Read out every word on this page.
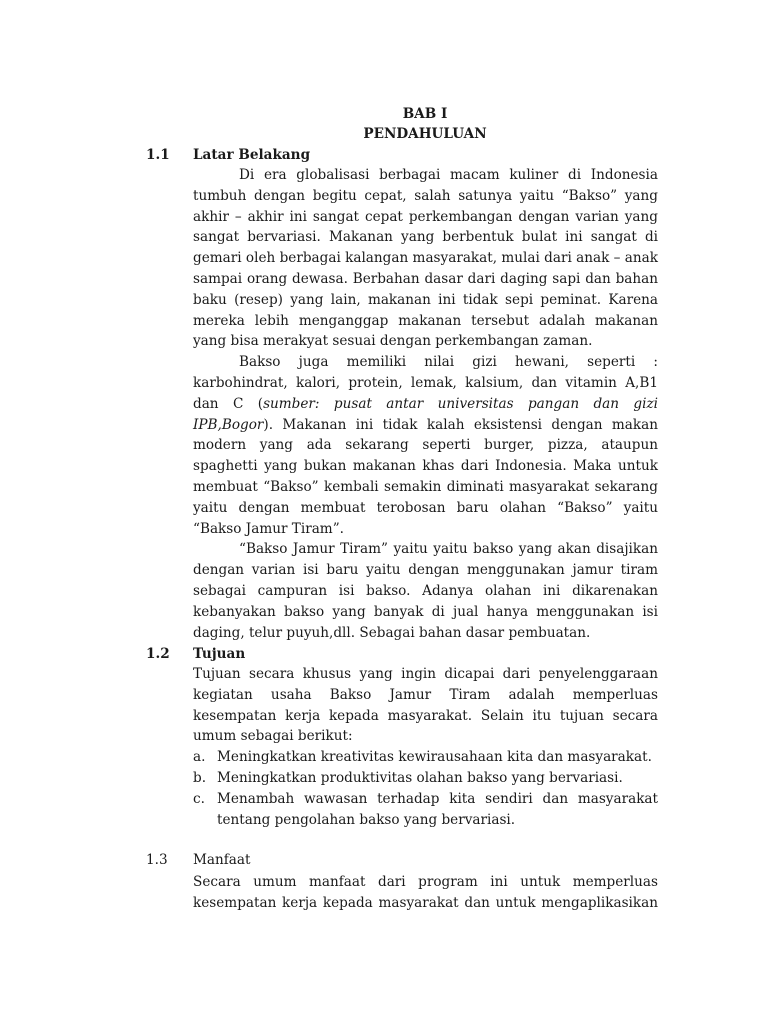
BAB I
PENDAHULUAN
1.1 Latar Belakang

Di era globalisasi berbagai macam kuliner di Indonesia tumbuh dengan begitu cepat, salah satunya yaitu “Bakso” yang akhir – akhir ini sangat cepat perkembangan dengan varian yang sangat bervariasi. Makanan yang berbentuk bulat ini sangat di gemari oleh berbagai kalangan masyarakat, mulai dari anak – anak sampai orang dewasa. Berbahan dasar dari daging sapi dan bahan baku (resep) yang lain, makanan ini tidak sepi peminat. Karena mereka lebih menganggap makanan tersebut adalah makanan yang bisa merakyat sesuai dengan perkembangan zaman.

Bakso juga memiliki nilai gizi hewani, seperti : karbohindrat, kalori, protein, lemak, kalsium, dan vitamin A,B1 dan C (sumber: pusat antar universitas pangan dan gizi IPB,Bogor). Makanan ini tidak kalah eksistensi dengan makan modern yang ada sekarang seperti burger, pizza, ataupun spaghetti yang bukan makanan khas dari Indonesia. Maka untuk membuat “Bakso” kembali semakin diminati masyarakat sekarang yaitu dengan membuat terobosan baru olahan “Bakso” yaitu “Bakso Jamur Tiram”.

“Bakso Jamur Tiram” yaitu yaitu bakso yang akan disajikan dengan varian isi baru yaitu dengan menggunakan jamur tiram sebagai campuran isi bakso. Adanya olahan ini dikarenakan kebanyakan bakso yang banyak di jual hanya menggunakan isi daging, telur puyuh,dll. Sebagai bahan dasar pembuatan.

1.2 Tujuan

Tujuan secara khusus yang ingin dicapai dari penyelenggaraan kegiatan usaha Bakso Jamur Tiram adalah memperluas kesempatan kerja kepada masyarakat. Selain itu tujuan secara umum sebagai berikut:

a. Meningkatkan kreativitas kewirausahaan kita dan masyarakat.
b. Meningkatkan produktivitas olahan bakso yang bervariasi.
c. Menambah wawasan terhadap kita sendiri dan masyarakat tentang pengolahan bakso yang bervariasi.
1.3 Manfaat

Secara umum manfaat dari program ini untuk memperluas kesempatan kerja kepada masyarakat dan untuk mengaplikasikan
